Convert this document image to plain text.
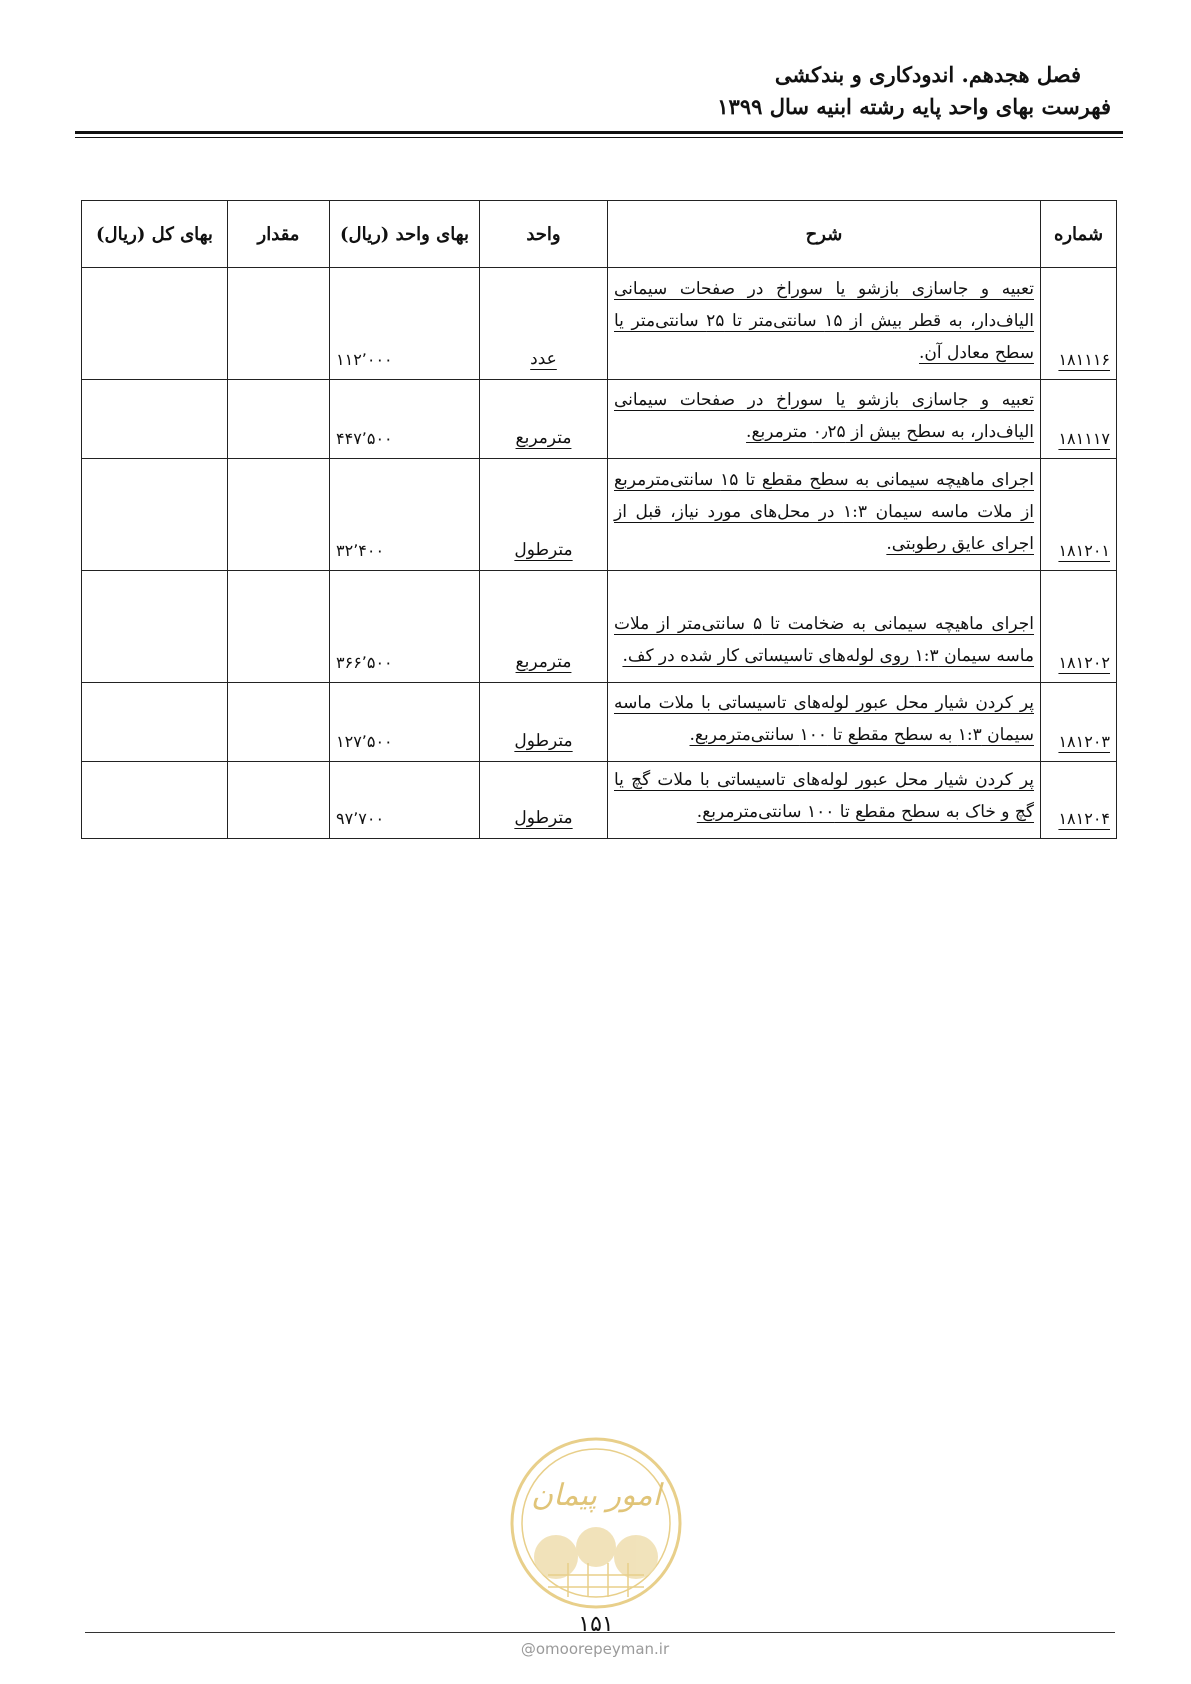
فصل هجدهم. اندودکاری و بندکشی
فهرست بهای واحد پایه رشته ابنیه سال ۱۳۹۹
شماره	شرح	واحد	بهای واحد (ریال)	مقدار	بهای کل (ریال)
۱۸۱۱۱۶	تعبیه و جاسازی بازشو یا سوراخ در صفحات سیمانی الیاف‌دار، به قطر بیش از ۱۵ سانتی‌متر تا ۲۵ سانتی‌متر یا سطح معادل آن.	عدد	۱۱۲٬۰۰۰		
۱۸۱۱۱۷	تعبیه و جاسازی بازشو یا سوراخ در صفحات سیمانی الیاف‌دار، به سطح بیش از ۰٫۲۵ مترمربع.	مترمربع	۴۴۷٬۵۰۰		
۱۸۱۲۰۱	اجرای ماهیچه سیمانی به سطح مقطع تا ۱۵ سانتی‌مترمربع از ملات ماسه سیمان ۱:۳ در محل‌های مورد نیاز، قبل از اجرای عایق رطوبتی.	مترطول	۳۲٬۴۰۰		
۱۸۱۲۰۲	اجرای ماهیچه سیمانی به ضخامت تا ۵ سانتی‌متر از ملات ماسه سیمان ۱:۳ روی لوله‌های تاسیساتی کار شده در کف.	مترمربع	۳۶۶٬۵۰۰		
۱۸۱۲۰۳	پر کردن شیار محل عبور لوله‌های تاسیساتی با ملات ماسه سیمان ۱:۳ به سطح مقطع تا ۱۰۰ سانتی‌مترمربع.	مترطول	۱۲۷٬۵۰۰		
۱۸۱۲۰۴	پر کردن شیار محل عبور لوله‌های تاسیساتی با ملات گچ یا گچ و خاک به سطح مقطع تا ۱۰۰ سانتی‌مترمربع.	مترطول	۹۷٬۷۰۰		
امور پیمان
۱۵۱
@omoorepeyman.ir
